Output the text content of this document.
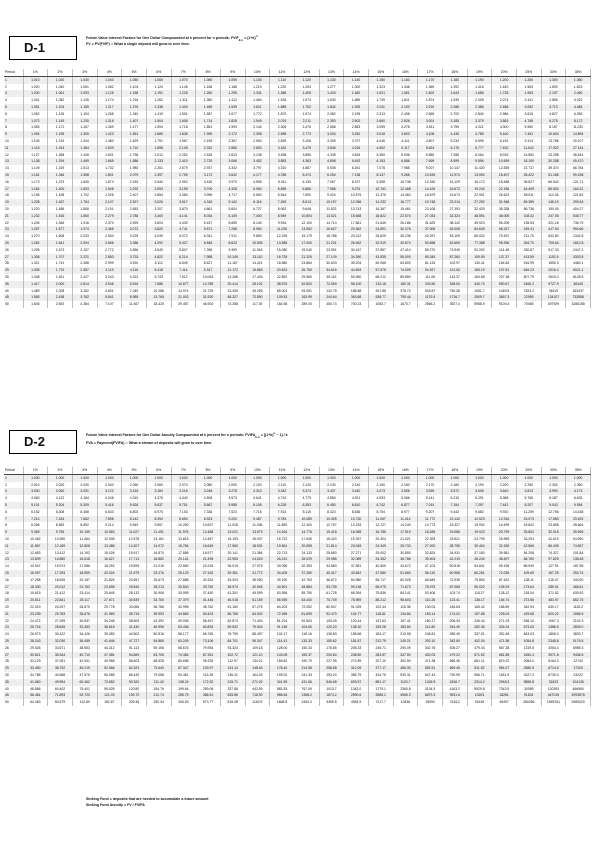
D-1
Future Value Interest Factors for One Dollar Compounded at k percent for n periods: $FVIF_{k,n} = (1+k)^n$
FV = PV(FVIF) :: What a single deposit will grow to over time.
Period	1%	2%	3%	4%	5%	6%	7%	8%	9%	10%	11%	12%	13%	14%	15%	16%	17%	18%	19%	20%	25%	30%	35%
1	1.010	1.020	1.030	1.040	1.050	1.060	1.070	1.080	1.090	1.100	1.110	1.120	1.130	1.140	1.150	1.160	1.170	1.180	1.190	1.200	1.250	1.300	1.350
2	1.020	1.040	1.061	1.082	1.103	1.124	1.145	1.166	1.188	1.210	1.232	1.254	1.277	1.300	1.323	1.346	1.369	1.392	1.416	1.440	1.563	1.690	1.823
3	1.030	1.061	1.093	1.125	1.158	1.191	1.225	1.260	1.295	1.331	1.368	1.405	1.443	1.482	1.521	1.561	1.602	1.643	1.685	1.728	1.953	2.197	2.460
4	1.041	1.082	1.126	1.170	1.216	1.262	1.311	1.360	1.412	1.464	1.518	1.574	1.630	1.689	1.749	1.811	1.874	1.939	2.005	2.074	2.441	2.856	3.322
5	1.051	1.104	1.159	1.217	1.276	1.338	1.403	1.469	1.539	1.611	1.685	1.762	1.842	1.925	2.011	2.100	2.192	2.288	2.386	2.488	3.052	3.713	4.484
6	1.062	1.126	1.194	1.265	1.340	1.419	1.501	1.587	1.677	1.772	1.870	1.974	2.082	2.195	2.313	2.436	2.565	2.700	2.840	2.986	3.815	4.827	6.053
7	1.072	1.149	1.230	1.316	1.407	1.504	1.606	1.714	1.828	1.949	2.076	2.211	2.353	2.502	2.660	2.826	3.001	3.185	3.379	3.583	4.768	6.275	8.172
8	1.083	1.172	1.267	1.369	1.477	1.594	1.718	1.851	1.993	2.144	2.305	2.476	2.658	2.853	3.059	3.278	3.511	3.759	4.021	4.300	5.960	8.157	11.032
9	1.094	1.195	1.305	1.423	1.551	1.689	1.838	1.999	2.172	2.358	2.558	2.773	3.004	3.252	3.518	3.803	4.108	4.435	4.785	5.160	7.451	10.604	14.894
10	1.105	1.219	1.344	1.480	1.629	1.791	1.967	2.159	2.367	2.594	2.839	3.106	3.395	3.707	4.046	4.411	4.807	5.234	5.695	6.192	9.313	13.786	20.107
11	1.116	1.243	1.384	1.539	1.710	1.898	2.105	2.332	2.580	2.853	3.152	3.479	3.836	4.226	4.652	5.117	5.624	6.176	6.777	7.430	11.642	17.922	27.144
12	1.127	1.268	1.426	1.601	1.796	2.012	2.252	2.518	2.813	3.138	3.498	3.896	4.335	4.818	5.350	5.936	6.580	7.288	8.064	8.916	14.552	23.298	36.644
13	1.138	1.294	1.469	1.665	1.886	2.133	2.410	2.720	3.066	3.452	3.883	4.363	4.898	5.492	6.153	6.886	7.699	8.599	9.596	10.699	18.190	30.288	49.470
14	1.149	1.319	1.513	1.732	1.980	2.261	2.579	2.937	3.342	3.797	4.310	4.887	5.535	6.261	7.076	7.988	9.007	10.147	11.420	12.839	22.737	39.374	66.784
15	1.161	1.346	1.558	1.801	2.079	2.397	2.759	3.172	3.642	4.177	4.785	5.474	6.254	7.138	8.137	9.266	10.539	11.974	13.590	15.407	28.422	51.186	90.158
16	1.173	1.373	1.605	1.873	2.183	2.540	2.952	3.426	3.970	4.595	5.311	6.130	7.067	8.137	9.358	10.748	12.330	14.129	16.172	18.488	35.527	66.542	121.71
17	1.184	1.400	1.653	1.948	2.292	2.693	3.159	3.700	4.328	5.054	5.895	6.866	7.986	9.276	10.761	12.468	14.426	16.672	19.244	22.186	44.409	86.504	164.31
18	1.196	1.428	1.702	2.026	2.407	2.854	3.380	3.996	4.717	5.560	6.544	7.690	9.024	10.575	12.375	14.463	16.879	19.673	22.901	26.623	55.511	112.46	221.82
19	1.208	1.457	1.754	2.107	2.527	3.026	3.617	4.316	5.142	6.116	7.263	8.613	10.197	12.056	14.232	16.777	19.748	23.214	27.252	31.948	69.389	146.19	299.46
20	1.220	1.486	1.806	2.191	2.653	3.207	3.870	4.661	5.604	6.727	8.062	9.646	11.523	13.743	16.367	19.461	23.106	27.393	32.429	38.338	86.736	190.05	404.27
21	1.232	1.516	1.860	2.279	2.786	3.400	4.141	5.034	6.109	7.400	8.949	10.804	13.021	15.668	18.822	22.574	27.034	32.324	38.591	46.005	108.42	247.06	545.77
22	1.245	1.546	1.916	2.370	2.925	3.604	4.430	5.437	6.659	8.140	9.934	12.100	14.714	17.861	21.645	26.186	31.629	38.142	45.923	55.206	135.53	321.18	736.79
23	1.257	1.577	1.974	2.465	3.072	3.820	4.741	5.871	7.258	8.954	11.026	13.552	16.627	20.362	24.891	30.376	37.006	45.008	54.649	66.247	169.41	417.54	994.66
24	1.270	1.608	2.033	2.563	3.225	4.049	5.072	6.341	7.911	9.850	12.239	15.179	18.788	23.212	28.625	35.236	43.297	53.109	65.032	79.497	211.76	542.80	1342.8
25	1.282	1.641	2.094	2.666	3.386	4.292	5.427	6.848	8.623	10.835	13.585	17.000	21.231	26.462	32.919	40.874	50.658	62.669	77.388	95.396	264.70	705.64	1812.8
26	1.295	1.673	2.157	2.772	3.556	4.549	5.807	7.396	9.399	11.918	15.080	19.040	23.991	30.167	37.857	47.414	59.270	73.949	92.092	114.48	330.87	917.33	2447.2
27	1.308	1.707	2.221	2.883	3.733	4.822	6.214	7.988	10.245	13.110	16.739	21.325	27.109	34.390	43.535	55.000	69.345	87.260	109.59	137.37	413.59	1192.5	3303.8
28	1.321	1.741	2.288	2.999	3.920	5.112	6.649	8.627	11.167	14.421	18.580	23.884	30.633	39.204	50.066	63.800	81.134	102.97	130.41	164.84	516.99	1550.3	4460.1
29	1.335	1.776	2.357	3.119	4.116	5.418	7.114	9.317	12.172	15.863	20.624	26.750	34.616	44.693	57.575	74.009	94.927	121.50	155.19	197.81	646.23	2015.4	6021.1
30	1.348	1.811	2.427	3.243	4.322	5.743	7.612	10.063	13.268	17.449	22.892	29.960	39.116	50.950	66.212	85.850	111.06	143.37	184.68	237.38	807.79	2620.0	8128.5
35	1.417	2.000	2.814	3.946	5.516	7.686	10.677	14.785	20.414	28.102	38.575	52.800	72.069	98.100	133.18	180.31	243.50	328.00	440.70	590.67	2465.2	9727.9	36449
40	1.489	2.208	3.262	4.801	7.040	10.286	14.974	21.725	31.409	45.259	65.001	93.051	132.78	188.88	267.86	378.72	533.87	750.38	1051.7	1469.8	7523.2	36119	163437
45	1.565	2.438	3.782	5.841	8.985	13.765	21.002	31.920	48.327	72.890	109.53	163.99	244.64	363.68	538.77	795.44	1170.5	1716.7	2509.7	3657.3	22959	134107	732858
50	1.645	2.692	4.384	7.107	11.467	18.420	29.457	46.902	74.358	117.39	184.56	289.00	450.74	700.23	1083.7	1670.7	2566.2	3927.4	5988.9	9100.4	70065	497929	3286158
D-2	Future Value Interest Factors for One Dollar Annuity Compounded at k percent for n periods: $FVIFA_{k,n} = [(1+k)^n - 1] / k$
FVA = Payment(FVIFA) :: What a stream of deposits will grow to over time.
Period	1%	2%	3%	4%	5%	6%	7%	8%	9%	10%	11%	12%	13%	14%	15%	16%	17%	18%	19%	20%	25%	30%	35%
1	1.000	1.000	1.000	1.000	1.000	1.000	1.000	1.000	1.000	1.000	1.000	1.000	1.000	1.000	1.000	1.000	1.000	1.000	1.000	1.000	1.000	1.000	1.000
2	2.010	2.020	2.030	2.040	2.050	2.060	2.070	2.080	2.090	2.100	2.110	2.120	2.130	2.140	2.150	2.160	2.170	2.180	2.190	2.200	2.250	2.300	2.350
3	3.030	3.060	3.091	3.122	3.153	3.184	3.215	3.246	3.278	3.310	3.342	3.374	3.407	3.440	3.473	3.506	3.539	3.572	3.606	3.640	3.813	3.990	4.173
4	4.060	4.122	4.184	4.246	4.310	4.375	4.440	4.506	4.573	4.641	4.710	4.779	4.850	4.921	4.993	5.066	5.141	5.215	5.291	5.368	5.766	6.187	6.633
5	5.101	5.204	5.309	5.416	5.526	5.637	5.751	5.867	5.985	6.105	6.228	6.353	6.480	6.610	6.742	6.877	7.014	7.154	7.297	7.442	8.207	9.043	9.954
6	6.152	6.308	6.468	6.633	6.802	6.975	7.153	7.336	7.523	7.716	7.913	8.115	8.323	8.536	8.754	8.977	9.207	9.442	9.683	9.930	11.259	12.756	14.438
7	7.214	7.434	7.662	7.898	8.142	8.394	8.654	8.923	9.200	9.487	9.783	10.089	10.405	10.730	11.067	11.414	11.772	12.142	12.523	12.916	15.073	17.583	20.492
8	8.286	8.583	8.892	9.214	9.549	9.897	10.260	10.637	11.028	11.436	11.859	12.300	12.757	13.233	13.727	14.240	14.773	15.327	15.902	16.499	19.842	23.858	28.664
9	9.369	9.755	10.159	10.583	11.027	11.491	11.978	12.488	13.021	13.579	14.164	14.776	15.416	16.085	16.786	17.519	18.285	19.086	19.923	20.799	25.802	32.015	39.696
10	10.462	10.950	11.464	12.006	12.578	13.181	13.816	14.487	15.193	15.937	16.722	17.549	18.420	19.337	20.304	21.321	22.393	23.521	24.709	25.959	33.253	42.619	54.590
11	11.567	12.169	12.808	13.486	14.207	14.972	15.784	16.645	17.560	18.531	19.561	20.655	21.814	23.045	24.349	25.733	27.200	28.755	30.404	32.150	42.566	56.405	74.697
12	12.683	13.412	14.192	15.026	15.917	16.870	17.888	18.977	20.141	21.384	22.713	24.133	25.650	27.271	29.002	30.850	32.824	34.931	37.180	39.581	54.208	74.327	101.84
13	13.809	14.680	15.618	16.627	17.713	18.882	20.141	21.495	22.953	24.523	26.212	28.029	29.985	32.089	34.352	36.786	39.404	42.219	45.244	48.497	68.760	97.625	138.48
14	14.947	15.974	17.086	18.292	19.599	21.015	22.550	24.215	26.019	27.975	30.095	32.393	34.883	37.581	40.505	43.672	47.103	50.818	54.841	59.196	86.949	127.91	187.95
15	16.097	17.293	18.599	20.024	21.579	23.276	25.129	27.152	29.361	31.772	34.405	37.280	40.417	43.842	47.580	51.660	56.110	60.965	66.261	72.035	109.69	167.29	254.74
16	17.258	18.639	20.157	21.825	23.657	25.673	27.888	30.324	33.003	35.950	39.190	42.753	46.672	50.980	55.717	60.925	66.649	72.939	79.850	87.442	138.11	218.47	344.90
17	18.430	20.012	21.762	23.698	25.840	28.213	30.840	33.750	36.974	40.545	44.501	48.884	53.739	59.118	65.075	71.673	78.979	87.068	96.022	105.93	173.64	285.01	466.61
18	19.615	21.412	23.414	25.645	28.132	30.906	33.999	37.450	41.301	45.599	50.396	55.750	61.725	68.394	75.836	84.141	93.406	103.74	115.27	128.12	218.04	371.52	630.92
19	20.811	22.841	25.117	27.671	30.539	33.760	37.379	41.446	46.018	51.159	56.939	63.440	70.749	78.969	88.212	98.603	110.28	123.41	138.17	154.74	273.56	483.97	852.75
20	22.019	24.297	26.870	29.778	33.066	36.786	40.995	45.762	51.160	57.275	64.203	72.052	80.947	91.025	102.44	115.38	130.03	146.63	165.42	186.69	342.94	630.17	1152.2
21	23.239	25.783	28.676	31.969	35.719	39.993	44.865	50.423	56.765	64.002	72.265	81.699	92.470	104.77	118.81	134.84	153.14	174.02	197.85	225.03	429.68	820.22	1556.5
22	24.472	27.299	30.537	34.248	38.505	43.392	49.006	55.457	62.873	71.403	81.214	92.503	105.49	120.44	137.63	157.41	180.17	206.34	236.44	271.03	538.10	1067.3	2102.3
23	25.716	28.845	32.453	36.618	41.430	46.996	53.436	60.893	69.532	79.543	91.148	104.60	120.20	138.30	159.28	183.60	211.80	244.49	282.36	326.24	673.63	1388.5	2839.0
24	26.973	30.422	34.426	39.083	44.502	50.816	58.177	66.765	76.790	88.497	102.17	118.16	136.83	158.66	184.17	213.98	248.81	289.49	337.01	392.48	843.03	1806.0	3833.7
25	28.243	32.030	36.459	41.646	47.727	54.865	63.249	73.106	84.701	98.347	114.41	133.33	155.62	181.87	212.79	249.21	292.10	342.60	402.04	471.98	1054.8	2348.8	5176.5
26	29.526	33.671	38.553	44.312	51.113	59.156	68.676	79.954	93.324	109.18	128.00	150.33	176.85	208.33	245.71	290.09	342.76	405.27	479.43	567.38	1319.5	3054.4	6989.3
27	30.821	35.344	40.710	47.084	54.669	63.706	74.484	87.351	102.72	121.10	143.08	169.37	200.84	238.50	283.57	337.50	402.03	479.22	571.52	681.85	1650.4	3971.8	9436.5
28	32.129	37.051	42.931	49.968	58.403	68.528	80.698	95.339	112.97	134.21	159.82	190.70	227.95	272.89	327.10	392.50	471.38	566.48	681.11	819.22	2064.0	5164.3	12740
29	33.450	38.792	45.219	52.966	62.323	73.640	87.347	103.97	124.14	148.63	178.40	214.58	258.58	312.09	377.17	456.30	552.51	669.45	811.52	984.07	2580.9	6714.6	17200
30	34.785	40.568	47.575	56.085	66.439	79.058	94.461	113.28	136.31	164.49	199.02	241.33	293.20	356.79	434.75	530.31	647.44	790.95	966.71	1181.9	3227.2	8730.0	23222
35	41.660	49.994	60.462	73.652	90.320	111.43	138.24	172.32	215.71	271.02	341.59	431.66	546.68	693.57	881.17	1120.7	1426.5	1816.7	2314.2	2948.3	9856.8	32423	104136
40	48.886	60.402	75.401	95.026	120.80	154.76	199.64	259.06	337.88	442.59	581.83	767.09	1013.7	1342.0	1779.1	2360.8	3134.5	4163.2	5529.8	7343.9	30089	120393	466960
45	56.481	71.893	92.720	121.03	159.70	212.74	285.75	386.51	525.86	718.90	986.64	1358.2	1874.2	2590.6	3585.1	4965.3	6879.3	9531.6	13203	18281	91831	447019	2093876
50	64.463	84.579	112.80	152.67	209.35	290.34	406.53	573.77	815.08	1163.9	1668.8	2400.0	3459.5	4994.5	7217.7	10436	15090	21813	31515	45497	280256	1659761	9389020
Sinking Fund = deposits that are needed to accumulate a future amount
Sinking Fund Annuity = FV / FVIFA
